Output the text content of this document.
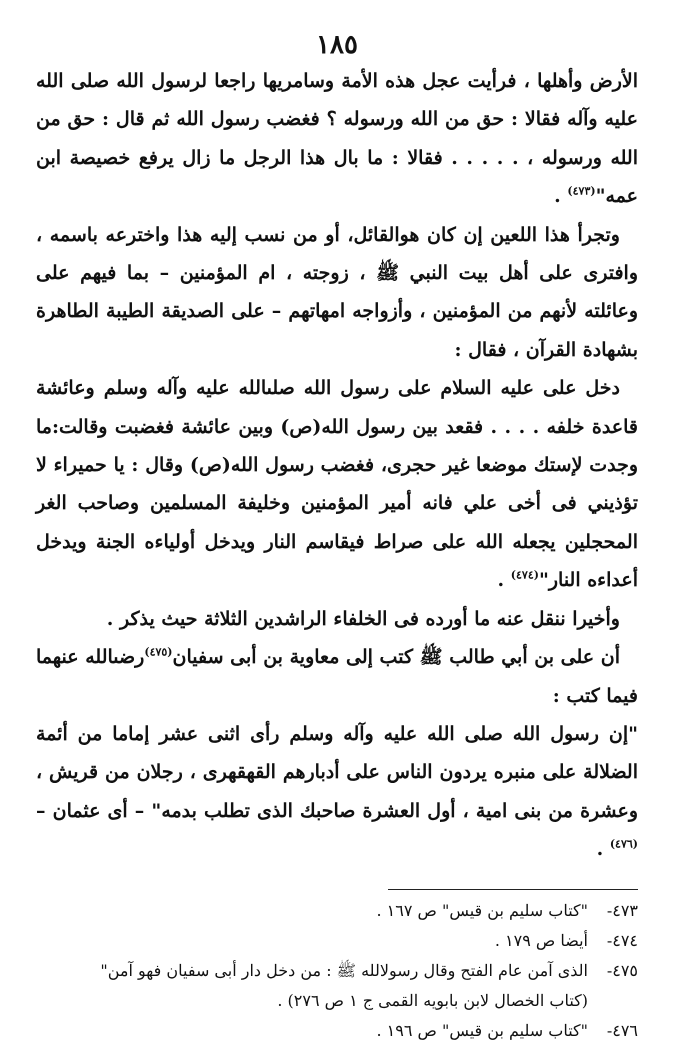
١٨٥

الأرض وأهلها ، فرأيت عجل هذه الأمة وسامريها راجعا لرسول الله صلى الله عليه وآله فقالا : حق من الله ورسوله ؟ فغضب رسول الله ثم قال : حق من الله ورسوله ، . . . . . فقالا : ما بال هذا الرجل ما زال يرفع خصيصة ابن عمه"$^{(٤٧٣)}$ .

وتجرأ هذا اللعين إن كان هوالقائل، أو من نسب إليه هذا واخترعه باسمه ، وافترى على أهل بيت النبي ﷺ ، زوجته ، ام المؤمنين – بما فيهم على وعائلته لأنهم من المؤمنين ، وأزواجه امهاتهم – على الصديقة الطيبة الطاهرة بشهادة القرآن ، فقال :

دخل على عليه السلام على رسول الله صلىالله عليه وآله وسلم وعائشة قاعدة خلفه . . . . فقعد بين رسول الله(ص) وبين عائشة فغضبت وقالت:ما وجدت لإستك موضعا غير حجرى، فغضب رسول الله(ص) وقال : يا حميراء لا تؤذيني فى أخى علي فانه أمير المؤمنين وخليفة المسلمين وصاحب الغر المحجلين يجعله الله على صراط فيقاسم النار ويدخل أولياءه الجنة ويدخل أعداءه النار"$^{(٤٧٤)}$ .

وأخيرا ننقل عنه ما أورده فى الخلفاء الراشدين الثلاثة حيث يذكر .

أن على بن أبي طالب ﷺ كتب إلى معاوية بن أبى سفيان$^{(٤٧٥)}$رضىالله عنهما فيما كتب :

"إن رسول الله صلى الله عليه وآله وسلم رأى اثنى عشر إماما من أئمة الضلالة على منبره يردون الناس على أدبارهم القهقهرى ، رجلان من قريش ، وعشرة من بنى امية ، أول العشرة صاحبك الذى تطلب بدمه" – أى عثمان –$^{(٤٧٦)}$ .

٤٧٣-"كتاب سليم بن قيس" ص ١٦٧ .

٤٧٤-أيضا ص ١٧٩ .

٤٧٥-الذى آمن عام الفتح وقال رسولالله ﷺ : من دخل دار أبى سفيان فهو آمن"

(كتاب الخصال لابن بابويه القمى ج ١ ص ٢٧٦) .

٤٧٦-"كتاب سليم بن قيس" ص ١٩٦ .
